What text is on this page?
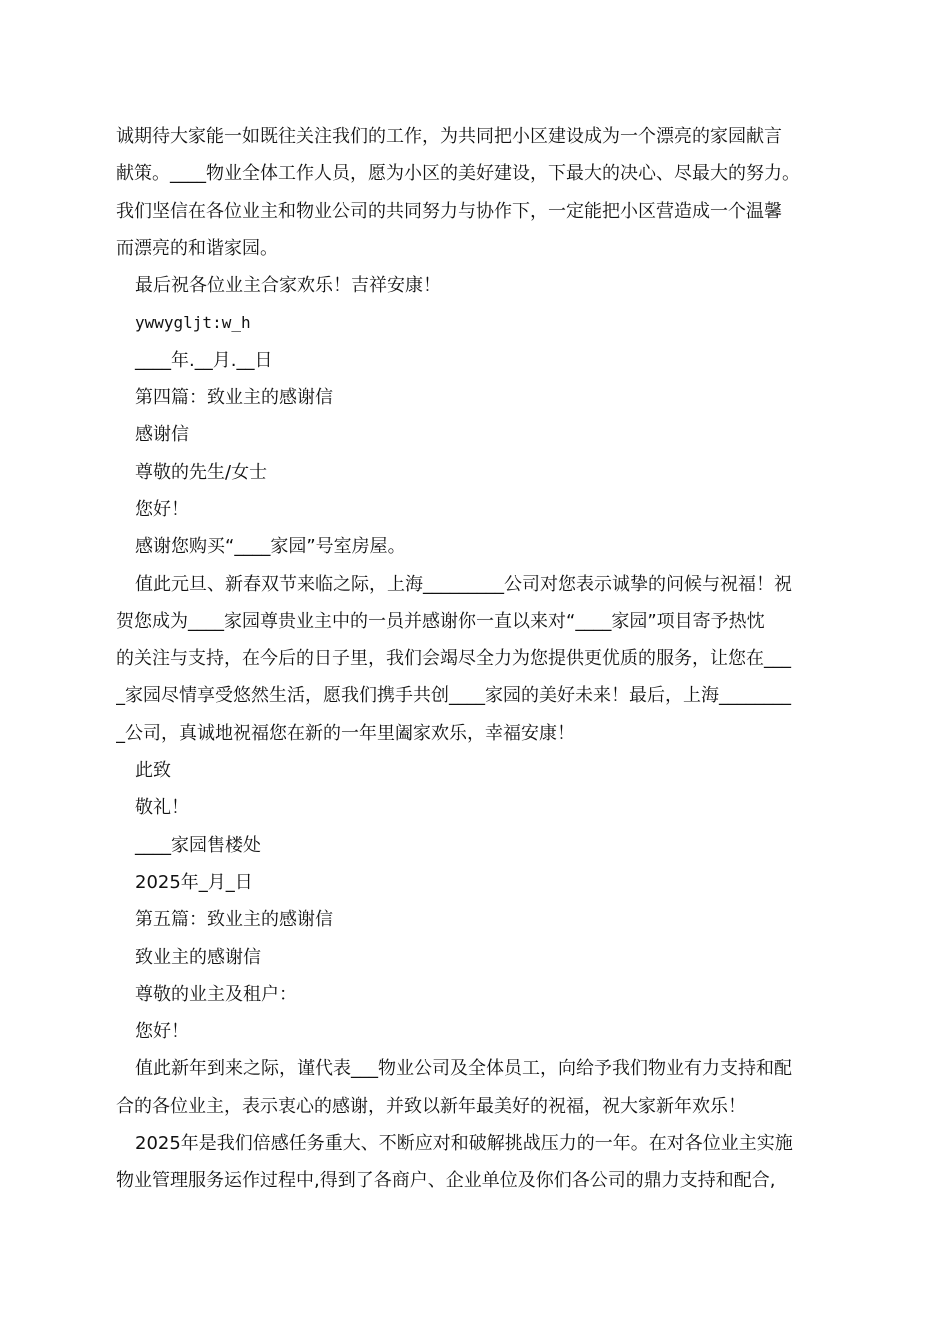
诚期待大家能一如既往关注我们的工作，为共同把小区建设成为一个漂亮的家园献言
献策。____物业全体工作人员，愿为小区的美好建设，下最大的决心、尽最大的努力。
我们坚信在各位业主和物业公司的共同努力与协作下，一定能把小区营造成一个温馨
而漂亮的和谐家园。
最后祝各位业主合家欢乐！吉祥安康！
ywwygljt:w_h
____年.__月.__日
第四篇：致业主的感谢信
感谢信
尊敬的先生/女士
您好！
感谢您购买“____家园”号室房屋。
值此元旦、新春双节来临之际，上海_________公司对您表示诚挚的问候与祝福！祝
贺您成为____家园尊贵业主中的一员并感谢你一直以来对“____家园”项目寄予热忱
的关注与支持，在今后的日子里，我们会竭尽全力为您提供更优质的服务，让您在___
_家园尽情享受悠然生活，愿我们携手共创____家园的美好未来！最后，上海________
_公司，真诚地祝福您在新的一年里阖家欢乐，幸福安康！
此致
敬礼！
____家园售楼处
2025年_月_日
第五篇：致业主的感谢信
致业主的感谢信
尊敬的业主及租户：
您好！
值此新年到来之际，谨代表___物业公司及全体员工，向给予我们物业有力支持和配
合的各位业主，表示衷心的感谢，并致以新年最美好的祝福，祝大家新年欢乐！
2025年是我们倍感任务重大、不断应对和破解挑战压力的一年。在对各位业主实施
物业管理服务运作过程中,得到了各商户、企业单位及你们各公司的鼎力支持和配合,
